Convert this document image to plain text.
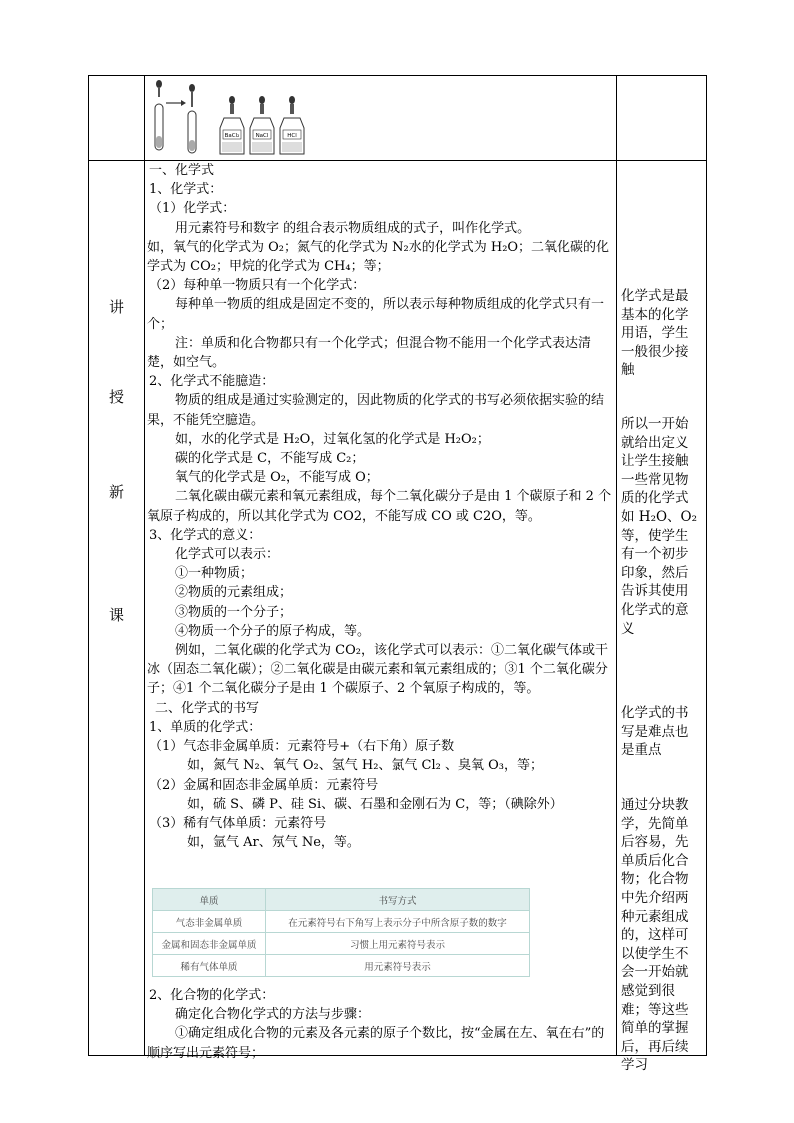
讲
授
新
课
BaCl₂	NaCl	HCl

一、化学式

1、化学式：

（1）化学式：

用元素符号和数字 的组合表示物质组成的式子，叫作化学式。

如，氧气的化学式为 O₂；氮气的化学式为 N₂水的化学式为 H₂O；二氧化碳的化学式为 CO₂；甲烷的化学式为 CH₄；等；

（2）每种单一物质只有一个化学式：

每种单一物质的组成是固定不变的，所以表示每种物质组成的化学式只有一个；

注：单质和化合物都只有一个化学式；但混合物不能用一个化学式表达清楚，如空气。

2、化学式不能臆造：

物质的组成是通过实验测定的，因此物质的化学式的书写必须依据实验的结果，不能凭空臆造。

如，水的化学式是 H₂O，过氧化氢的化学式是 H₂O₂；

碳的化学式是 C，不能写成 C₂；

氧气的化学式是 O₂，不能写成 O；

二氧化碳由碳元素和氧元素组成，每个二氧化碳分子是由 1 个碳原子和 2 个氧原子构成的，所以其化学式为 CO2，不能写成 CO 或 C2O，等。

3、化学式的意义：

化学式可以表示：

①一种物质；

②物质的元素组成；

③物质的一个分子；

④物质一个分子的原子构成，等。

例如，二氧化碳的化学式为 CO₂，该化学式可以表示：①二氧化碳气体或干冰（固态二氧化碳）；②二氧化碳是由碳元素和氧元素组成的；③1 个二氧化碳分子；④1 个二氧化碳分子是由 1 个碳原子、2 个氧原子构成的，等。

二、化学式的书写

1、单质的化学式：

（1）气态非金属单质：元素符号+（右下角）原子数

如，氮气 N₂、氧气 O₂、氢气 H₂、氯气 Cl₂ 、臭氧 O₃，等；

（2）金属和固态非金属单质：元素符号

如，硫 S、磷 P、硅 Si、碳、石墨和金刚石为 C，等；（碘除外）

（3）稀有气体单质：元素符号

如，氩气 Ar、氖气 Ne，等。

单质	书写方式
气态非金属单质	在元素符号右下角写上表示分子中所含原子数的数字
金属和固态非金属单质	习惯上用元素符号表示
稀有气体单质	用元素符号表示

2、化合物的化学式：

确定化合物化学式的方法与步骤：

①确定组成化合物的元素及各元素的原子个数比，按“金属在左、氧在右”的顺序写出元素符号；

化学式是最基本的化学用语，学生一般很少接触
所以一开始就给出定义让学生接触一些常见物质的化学式如 H₂O、O₂等，使学生有一个初步印象，然后告诉其使用化学式的意义
化学式的书写是难点也是重点
通过分块教学，先简单后容易，先单质后化合物；化合物中先介绍两种元素组成的，这样可以使学生不会一开始就感觉到很难；等这些简单的掌握后，再后续学习
